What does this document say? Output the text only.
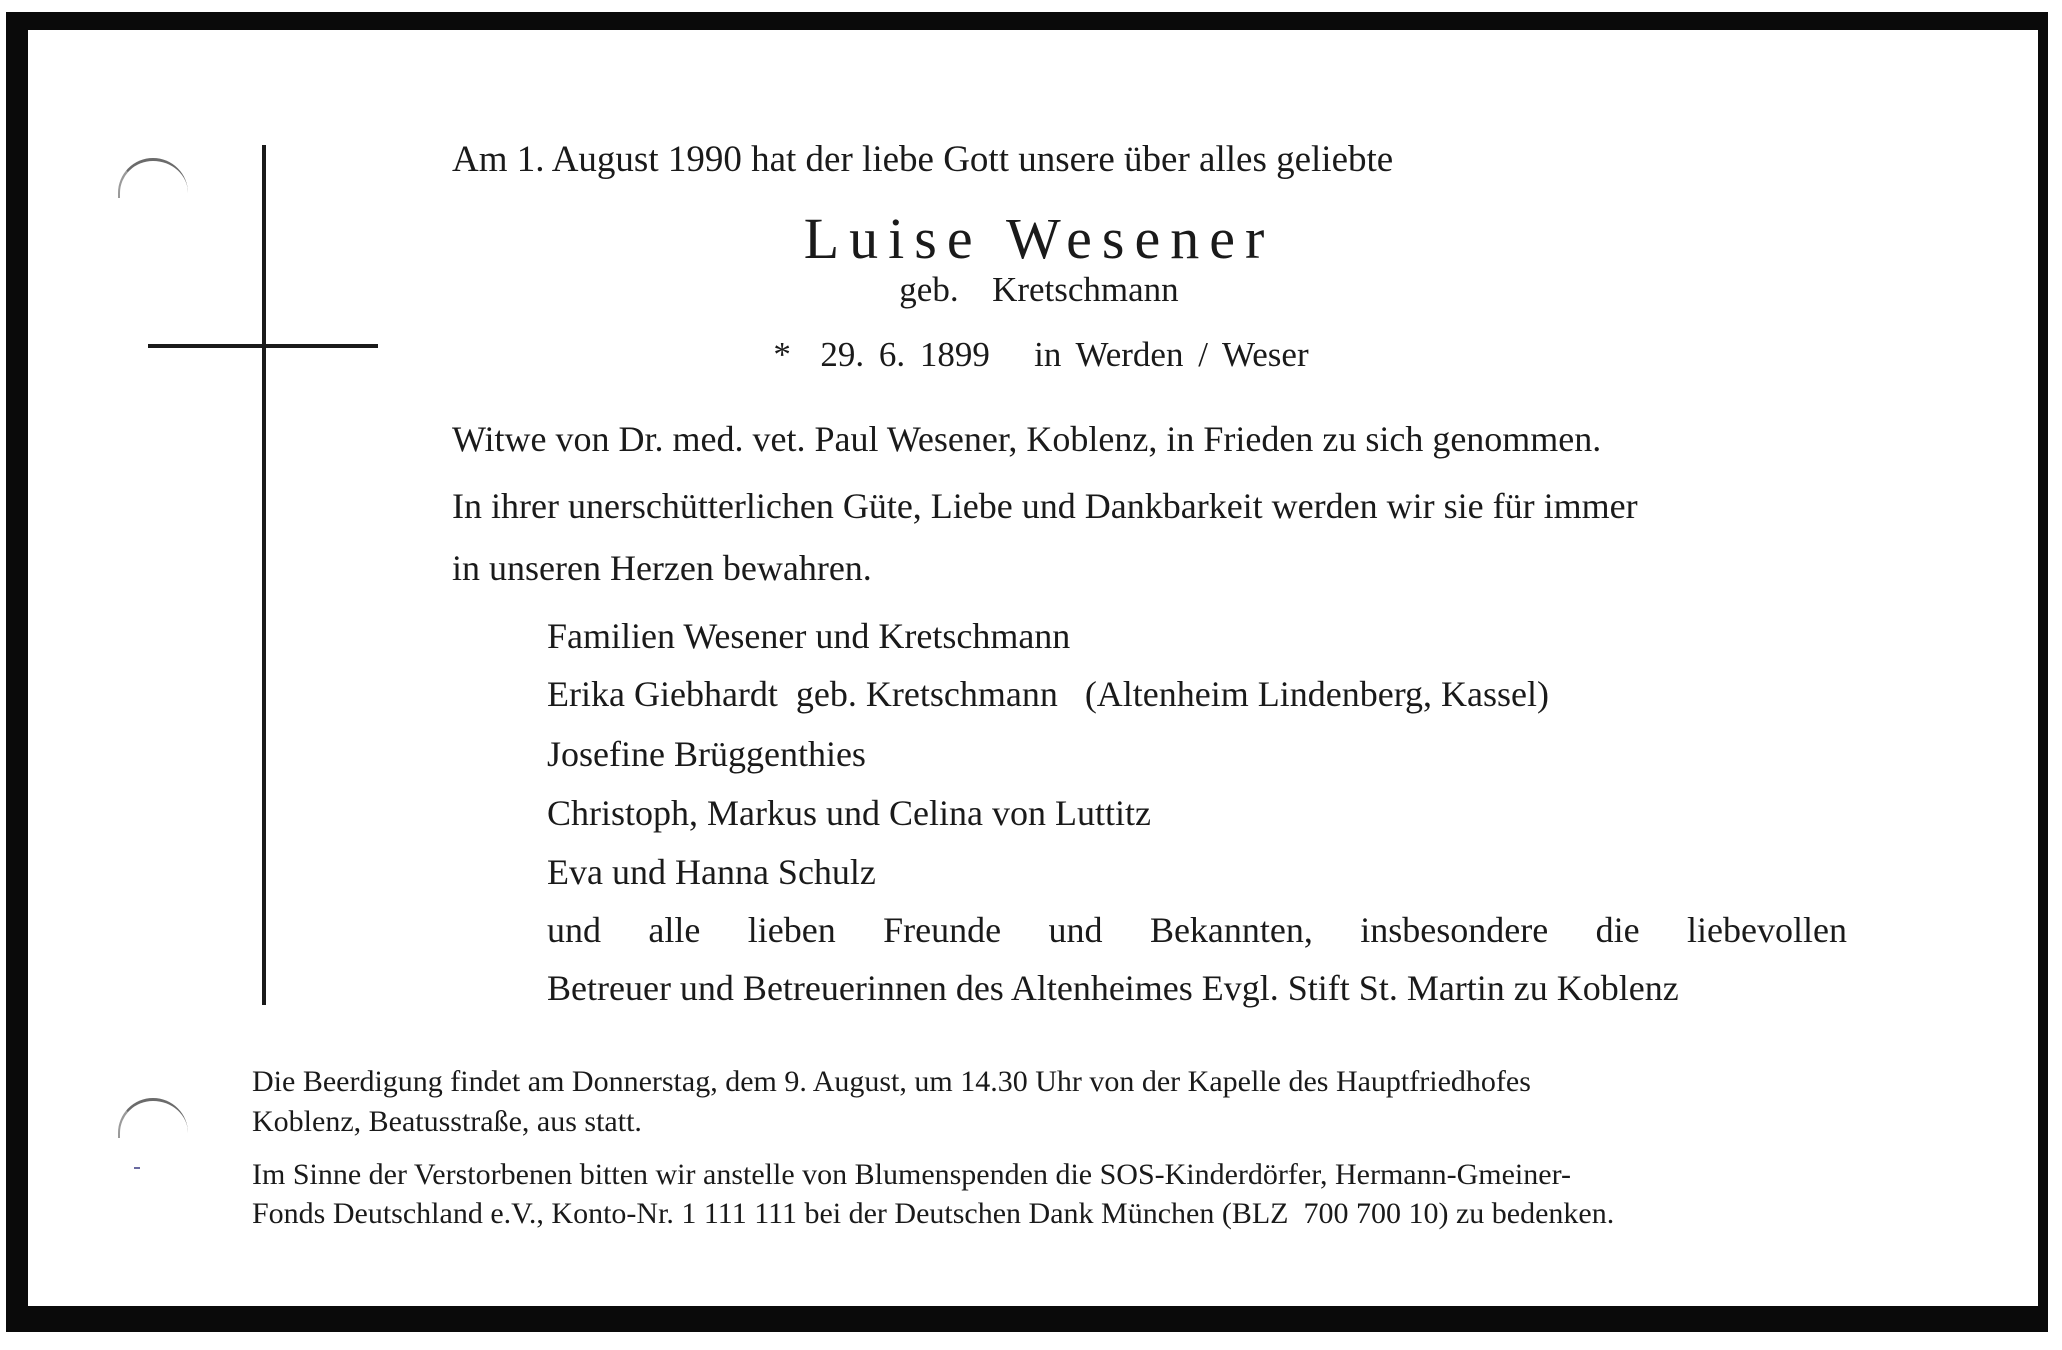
Am 1. August 1990 hat der liebe Gott unsere über alles geliebte
Luise Wesener
geb.  Kretschmann
*  29. 6. 1899   in Werden / Weser
Witwe von Dr. med. vet. Paul Wesener, Koblenz, in Frieden zu sich genommen.
In ihrer unerschütterlichen Güte, Liebe und Dankbarkeit werden wir sie für immer
in unseren Herzen bewahren.
Familien Wesener und Kretschmann
Erika Giebhardt  geb. Kretschmann   (Altenheim Lindenberg, Kassel)
Josefine Brüggenthies
Christoph, Markus und Celina von Luttitz
Eva und Hanna Schulz
und alle lieben Freunde und Bekannten, insbesondere die liebevollen
Betreuer und Betreuerinnen des Altenheimes Evgl. Stift St. Martin zu Koblenz
Die Beerdigung findet am Donnerstag, dem 9. August, um 14.30 Uhr von der Kapelle des Hauptfriedhofes
Koblenz, Beatusstraße, aus statt.
Im Sinne der Verstorbenen bitten wir anstelle von Blumenspenden die SOS-Kinderdörfer, Hermann-Gmeiner-
Fonds Deutschland e.V., Konto-Nr. 1 111 111 bei der Deutschen Dank München (BLZ  700 700 10) zu bedenken.
